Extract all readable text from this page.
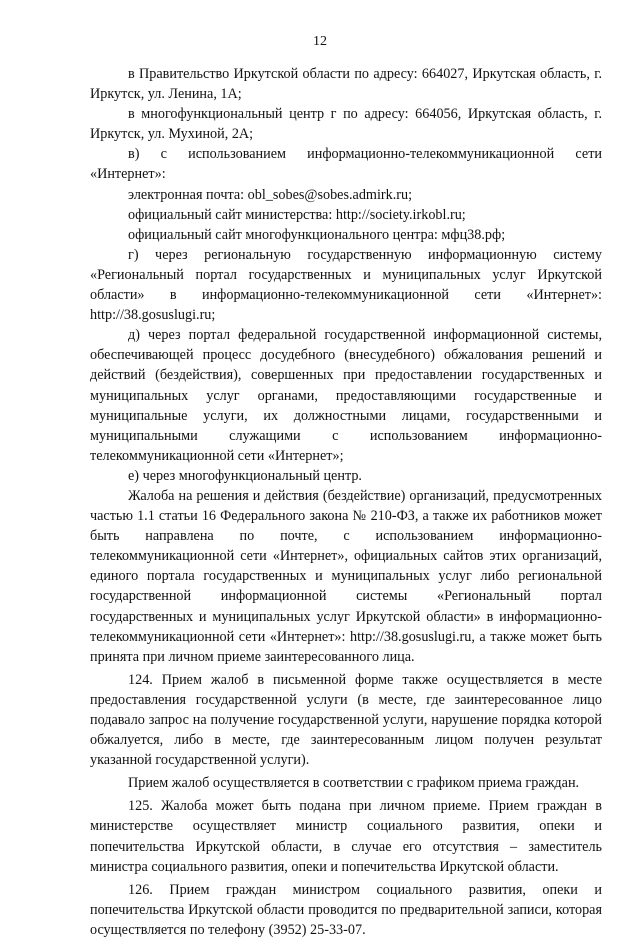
12

в Правительство Иркутской области по адресу: 664027, Иркутская область, г. Иркутск, ул. Ленина, 1А;

в многофункциональный центр г по адресу: 664056, Иркутская область, г. Иркутск, ул. Мухиной, 2А;

в) с использованием информационно-телекоммуникационной сети «Интернет»:

электронная почта: obl_sobes@sobes.admirk.ru;

официальный сайт министерства: http://society.irkobl.ru;

официальный сайт многофункционального центра: мфц38.рф;

г) через региональную государственную информационную систему «Региональный портал государственных и муниципальных услуг Иркутской области» в информационно-телекоммуникационной сети «Интернет»: http://38.gosuslugi.ru;

д) через портал федеральной государственной информационной системы, обеспечивающей процесс досудебного (внесудебного) обжалования решений и действий (бездействия), совершенных при предоставлении государственных и муниципальных услуг органами, предоставляющими государственные и муниципальные услуги, их должностными лицами, государственными и муниципальными служащими с использованием информационно-телекоммуникационной сети «Интернет»;

е) через многофункциональный центр.

Жалоба на решения и действия (бездействие) организаций, предусмотренных частью 1.1 статьи 16 Федерального закона № 210-ФЗ, а также их работников может быть направлена по почте, с использованием информационно-телекоммуникационной сети «Интернет», официальных сайтов этих организаций, единого портала государственных и муниципальных услуг либо региональной государственной информационной системы «Региональный портал государственных и муниципальных услуг Иркутской области» в информационно-телекоммуникационной сети «Интернет»: http://38.gosuslugi.ru, а также может быть принята при личном приеме заинтересованного лица.

124. Прием жалоб в письменной форме также осуществляется в месте предоставления государственной услуги (в месте, где заинтересованное лицо подавало запрос на получение государственной услуги, нарушение порядка которой обжалуется, либо в месте, где заинтересованным лицом получен результат указанной государственной услуги).

Прием жалоб осуществляется в соответствии с графиком приема граждан.

125. Жалоба может быть подана при личном приеме. Прием граждан в министерстве осуществляет министр социального развития, опеки и попечительства Иркутской области, в случае его отсутствия – заместитель министра социального развития, опеки и попечительства Иркутской области.

126. Прием граждан министром социального развития, опеки и попечительства Иркутской области проводится по предварительной записи, которая осуществляется по телефону (3952) 25-33-07.
